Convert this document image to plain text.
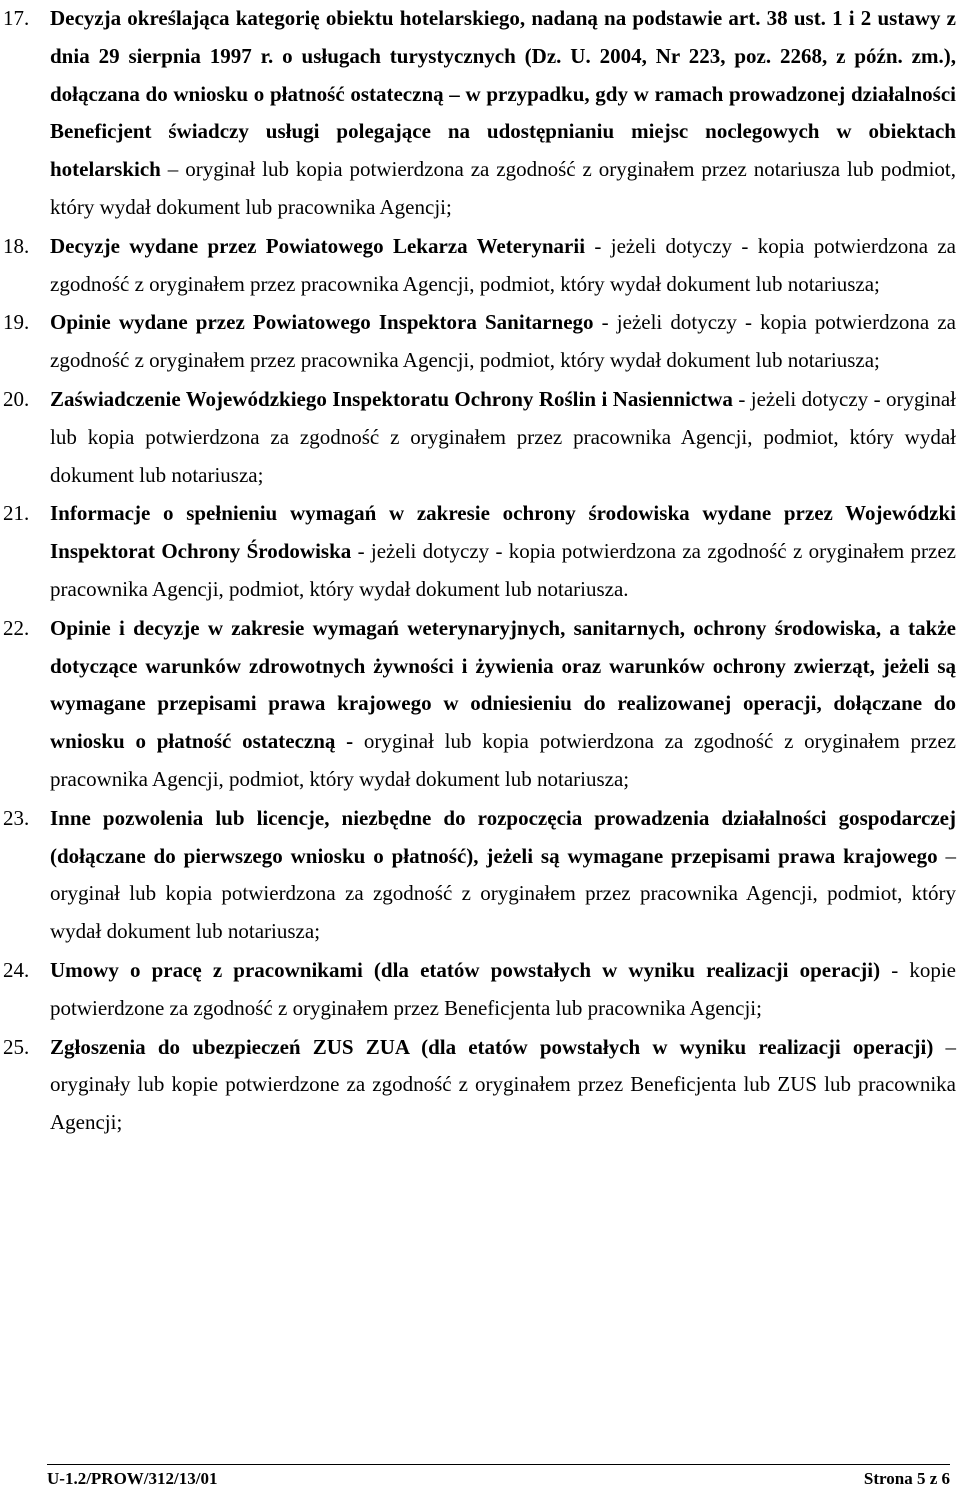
17. Decyzja określająca kategorię obiektu hotelarskiego, nadaną na podstawie art. 38 ust. 1 i 2 ustawy z dnia 29 sierpnia 1997 r. o usługach turystycznych (Dz. U. 2004, Nr 223, poz. 2268, z późn. zm.), dołączana do wniosku o płatność ostateczną – w przypadku, gdy w ramach prowadzonej działalności Beneficjent świadczy usługi polegające na udostępnianiu miejsc noclegowych w obiektach hotelarskich – oryginał lub kopia potwierdzona za zgodność z oryginałem przez notariusza lub podmiot, który wydał dokument lub pracownika Agencji;
18. Decyzje wydane przez Powiatowego Lekarza Weterynarii - jeżeli dotyczy - kopia potwierdzona za zgodność z oryginałem przez pracownika Agencji, podmiot, który wydał dokument lub notariusza;
19. Opinie wydane przez Powiatowego Inspektora Sanitarnego - jeżeli dotyczy - kopia potwierdzona za zgodność z oryginałem przez pracownika Agencji, podmiot, który wydał dokument lub notariusza;
20. Zaświadczenie Wojewódzkiego Inspektoratu Ochrony Roślin i Nasiennictwa - jeżeli dotyczy - oryginał lub kopia potwierdzona za zgodność z oryginałem przez pracownika Agencji, podmiot, który wydał dokument lub notariusza;
21. Informacje o spełnieniu wymagań w zakresie ochrony środowiska wydane przez Wojewódzki Inspektorat Ochrony Środowiska - jeżeli dotyczy - kopia potwierdzona za zgodność z oryginałem przez pracownika Agencji, podmiot, który wydał dokument lub notariusza.
22. Opinie i decyzje w zakresie wymagań weterynaryjnych, sanitarnych, ochrony środowiska, a także dotyczące warunków zdrowotnych żywności i żywienia oraz warunków ochrony zwierząt, jeżeli są wymagane przepisami prawa krajowego w odniesieniu do realizowanej operacji, dołączane do wniosku o płatność ostateczną - oryginał lub kopia potwierdzona za zgodność z oryginałem przez pracownika Agencji, podmiot, który wydał dokument lub notariusza;
23. Inne pozwolenia lub licencje, niezbędne do rozpoczęcia prowadzenia działalności gospodarczej (dołączane do pierwszego wniosku o płatność), jeżeli są wymagane przepisami prawa krajowego – oryginał lub kopia potwierdzona za zgodność z oryginałem przez pracownika Agencji, podmiot, który wydał dokument lub notariusza;
24. Umowy o pracę z pracownikami (dla etatów powstałych w wyniku realizacji operacji) - kopie potwierdzone za zgodność z oryginałem przez Beneficjenta lub pracownika Agencji;
25. Zgłoszenia do ubezpieczeń ZUS ZUA (dla etatów powstałych w wyniku realizacji operacji) – oryginały lub kopie potwierdzone za zgodność z oryginałem przez Beneficjenta lub ZUS lub pracownika Agencji;
U-1.2/PROW/312/13/01	Strona 5 z 6
